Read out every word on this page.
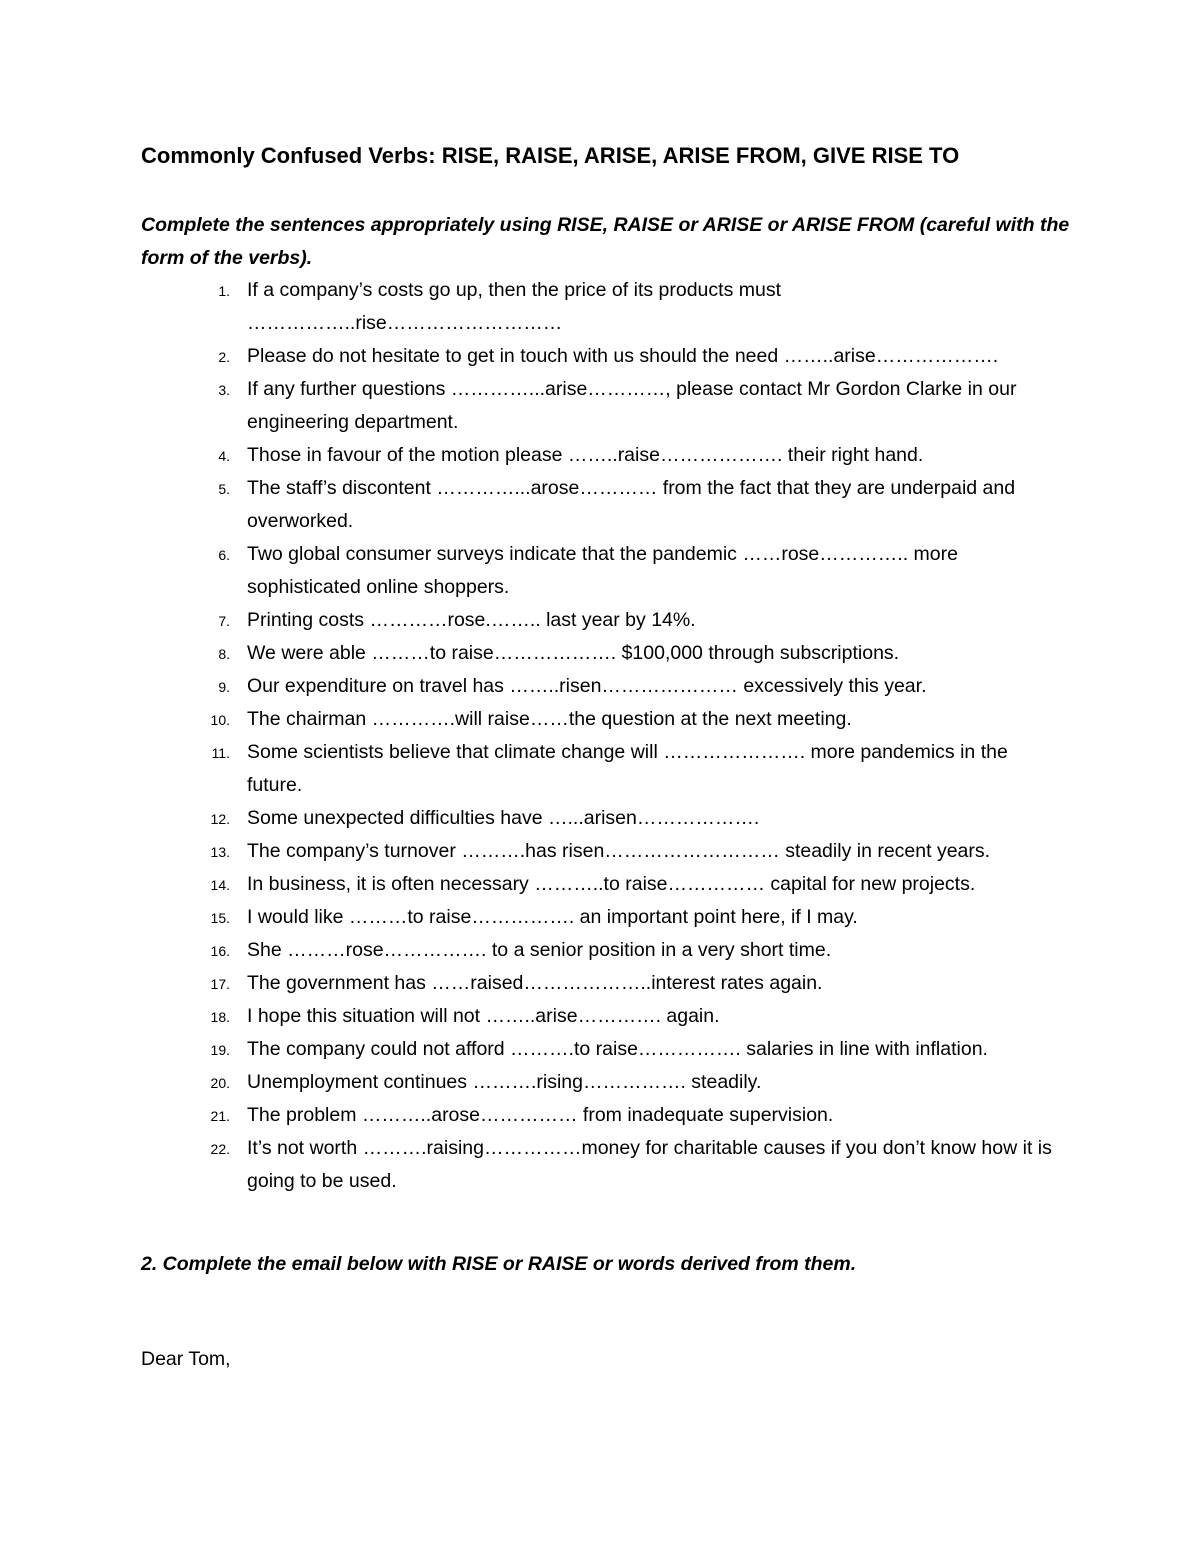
Commonly Confused Verbs: RISE, RAISE, ARISE, ARISE FROM, GIVE RISE TO
Complete the sentences appropriately using RISE, RAISE or ARISE or ARISE FROM (careful with the form of the verbs).
1. If a company’s costs go up, then the price of its products must ……………..rise………………………
2. Please do not hesitate to get in touch with us should the need ……..arise……………….
3. If any further questions …………...arise…………, please contact Mr Gordon Clarke in our engineering department.
4. Those in favour of the motion please ……..raise………………. their right hand.
5. The staff’s discontent …………...arose………… from the fact that they are underpaid and overworked.
6. Two global consumer surveys indicate that the pandemic ……rose………….. more sophisticated online shoppers.
7. Printing costs …………rose.…….. last year by 14%.
8. We were able ………to raise………………. $100,000 through subscriptions.
9. Our expenditure on travel has ……..risen………………… excessively this year.
10. The chairman ………….will raise……the question at the next meeting.
11. Some scientists believe that climate change will …………………. more pandemics in the future.
12. Some unexpected difficulties have …...arisen……………….
13. The company’s turnover ……….has risen……………………… steadily in recent years.
14. In business, it is often necessary ………..to raise…………… capital for new projects.
15. I would like ………to raise……………. an important point here, if I may.
16. She ………rose……………. to a senior position in a very short time.
17. The government has ……raised………………..interest rates again.
18. I hope this situation will not ……..arise…………. again.
19. The company could not afford ……….to raise……………. salaries in line with inflation.
20. Unemployment continues ……….rising……………. steadily.
21. The problem ………..arose…………… from inadequate supervision.
22. It’s not worth ……….raising……………money for charitable causes if you don’t know how it is going to be used.
2. Complete the email below with RISE or RAISE or words derived from them.
Dear Tom,
